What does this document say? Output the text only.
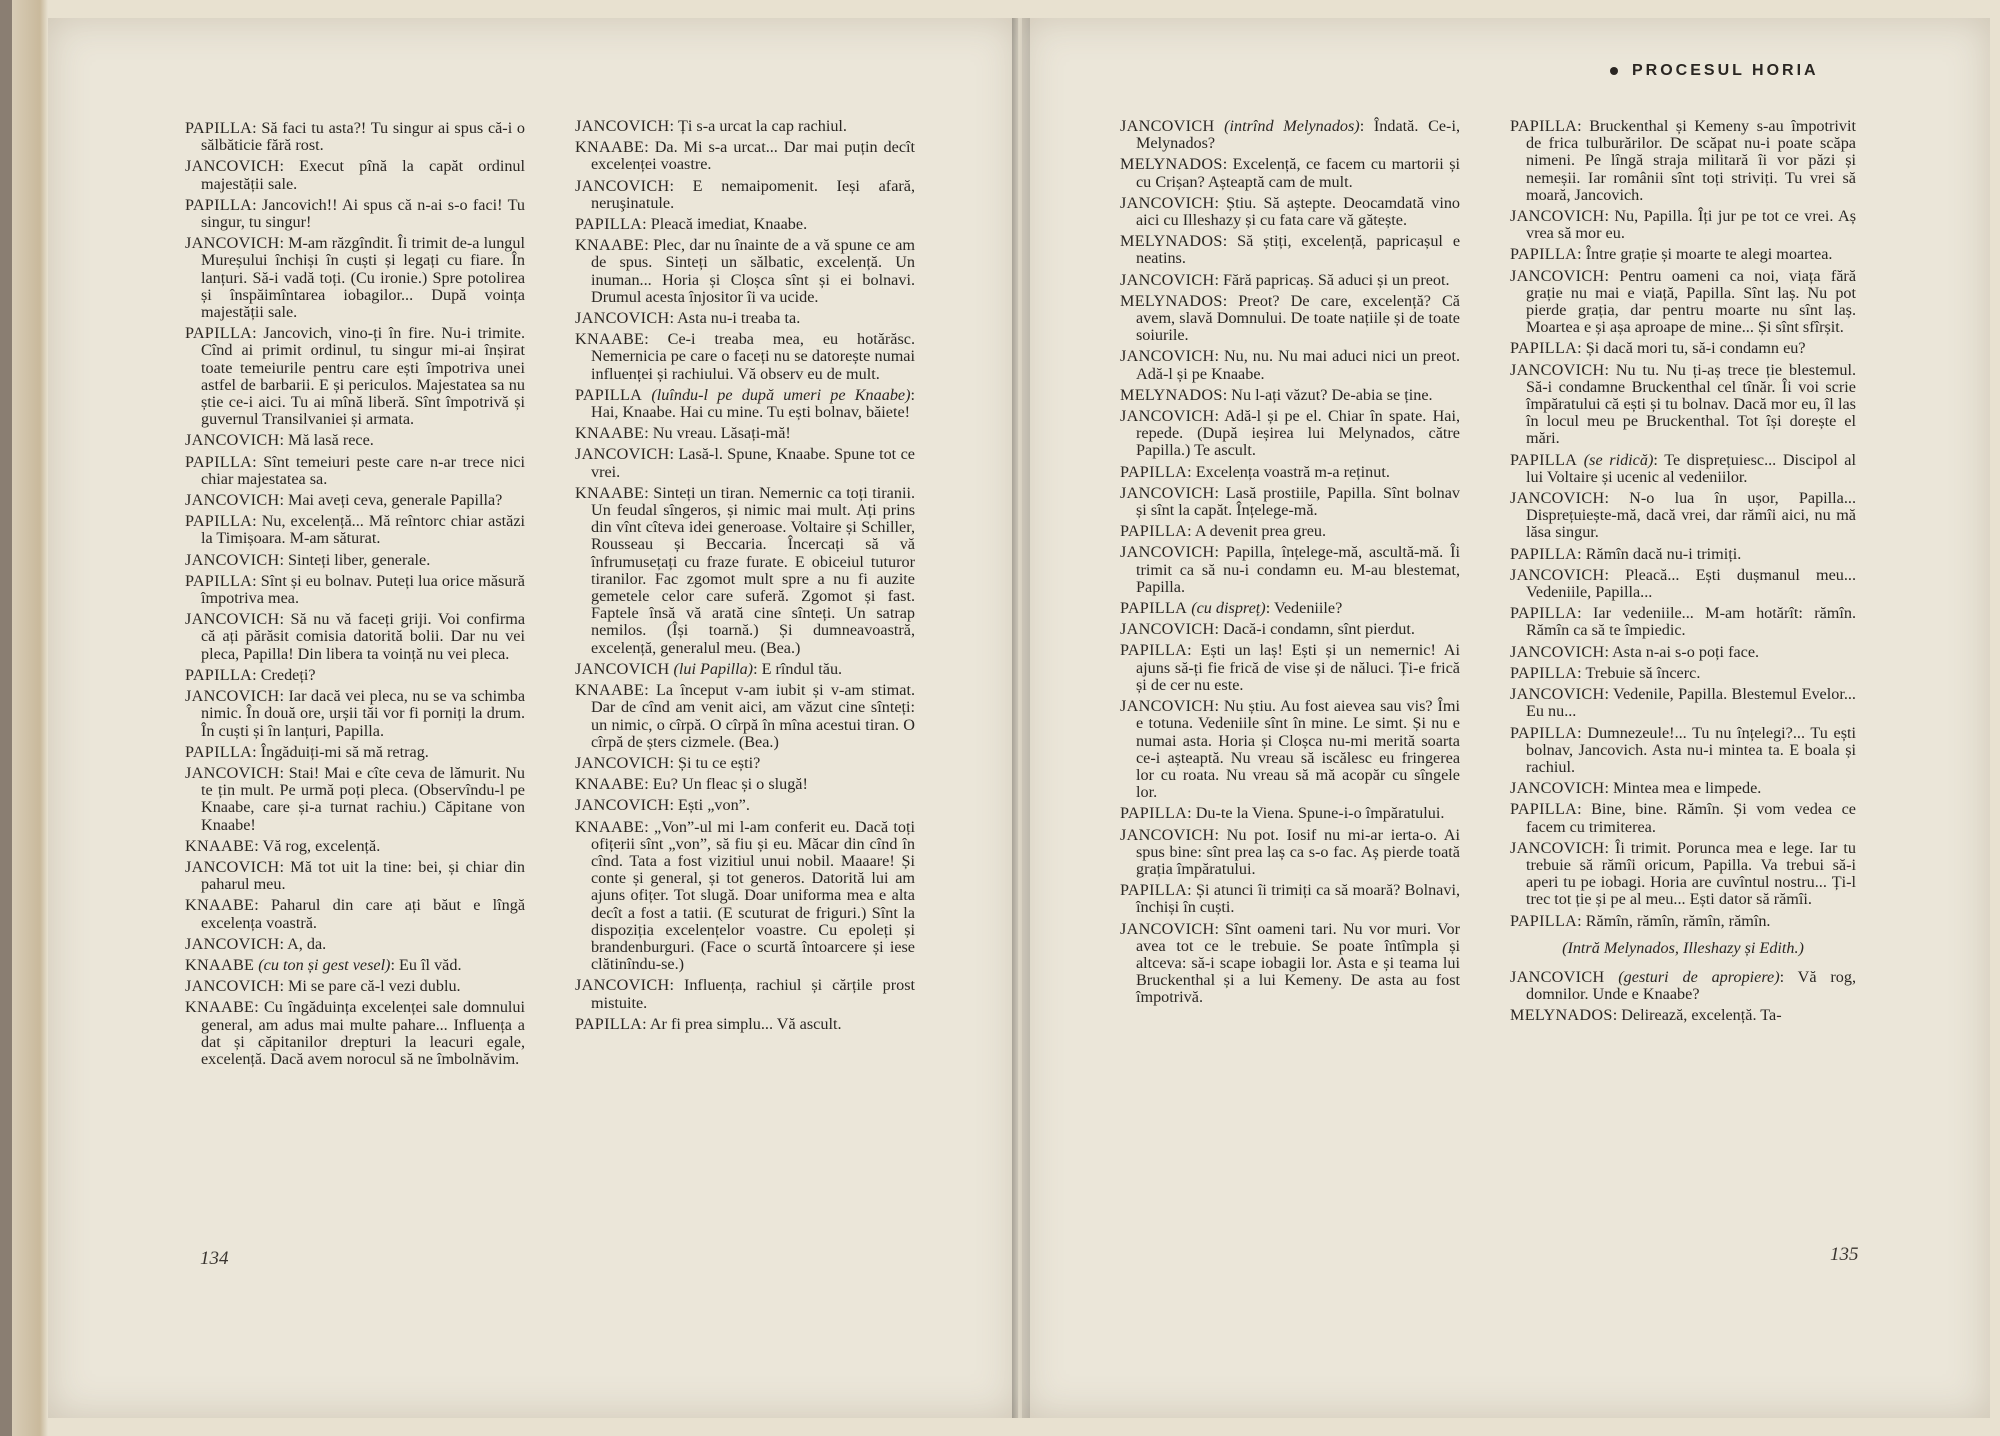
PROCESUL HORIA

PAPILLA: Să faci tu asta?! Tu singur ai spus că-i o sălbăticie fără rost.

JANCOVICH: Execut pînă la capăt ordinul majestății sale.

PAPILLA: Jancovich!! Ai spus că n-ai s-o faci! Tu singur, tu singur!

JANCOVICH: M-am răzgîndit. Îi trimit de-a lungul Mureșului închiși în cuști și legați cu fiare. În lanțuri. Să-i vadă toți. (Cu ironie.) Spre potolirea și înspăimîntarea iobagilor... După voința majestății sale.

PAPILLA: Jancovich, vino-ți în fire. Nu-i trimite. Cînd ai primit ordinul, tu singur mi-ai înșirat toate temeiurile pentru care ești împotriva unei astfel de barbarii. E și periculos. Majestatea sa nu știe ce-i aici. Tu ai mînă liberă. Sînt împotrivă și guvernul Transilvaniei și armata.

JANCOVICH: Mă lasă rece.

PAPILLA: Sînt temeiuri peste care n-ar trece nici chiar majestatea sa.

JANCOVICH: Mai aveți ceva, generale Papilla?

PAPILLA: Nu, excelență... Mă reîntorc chiar astăzi la Timișoara. M-am săturat.

JANCOVICH: Sinteți liber, generale.

PAPILLA: Sînt și eu bolnav. Puteți lua orice măsură împotriva mea.

JANCOVICH: Să nu vă faceți griji. Voi confirma că ați părăsit comisia datorită bolii. Dar nu vei pleca, Papilla! Din libera ta voință nu vei pleca.

PAPILLA: Credeți?

JANCOVICH: Iar dacă vei pleca, nu se va schimba nimic. În două ore, urșii tăi vor fi porniți la drum. În cuști și în lanțuri, Papilla.

PAPILLA: Îngăduiți-mi să mă retrag.

JANCOVICH: Stai! Mai e cîte ceva de lămurit. Nu te țin mult. Pe urmă poți pleca. (Observîndu-l pe Knaabe, care și-a turnat rachiu.) Căpitane von Knaabe!

KNAABE: Vă rog, excelență.

JANCOVICH: Mă tot uit la tine: bei, și chiar din paharul meu.

KNAABE: Paharul din care ați băut e lîngă excelența voastră.

JANCOVICH: A, da.

KNAABE (cu ton și gest vesel): Eu îl văd.

JANCOVICH: Mi se pare că-l vezi dublu.

KNAABE: Cu îngăduința excelenței sale domnului general, am adus mai multe pahare... Influența a dat și căpitanilor drepturi la leacuri egale, excelență. Dacă avem norocul să ne îmbolnăvim.

JANCOVICH: Ți s-a urcat la cap rachiul.

KNAABE: Da. Mi s-a urcat... Dar mai puțin decît excelenței voastre.

JANCOVICH: E nemaipomenit. Ieși afară, neruşinatule.

PAPILLA: Pleacă imediat, Knaabe.

KNAABE: Plec, dar nu înainte de a vă spune ce am de spus. Sinteți un sălbatic, excelență. Un inuman... Horia și Cloșca sînt și ei bolnavi. Drumul acesta înjositor îi va ucide.

JANCOVICH: Asta nu-i treaba ta.

KNAABE: Ce-i treaba mea, eu hotărăsc. Nemernicia pe care o faceți nu se datorește numai influenței și rachiului. Vă observ eu de mult.

PAPILLA (luîndu-l pe după umeri pe Knaabe): Hai, Knaabe. Hai cu mine. Tu ești bolnav, băiete!

KNAABE: Nu vreau. Lăsați-mă!

JANCOVICH: Lasă-l. Spune, Knaabe. Spune tot ce vrei.

KNAABE: Sinteți un tiran. Nemernic ca toți tiranii. Un feudal sîngeros, și nimic mai mult. Ați prins din vînt cîteva idei generoase. Voltaire și Schiller, Rousseau și Beccaria. Încercați să vă înfrumusețați cu fraze furate. E obiceiul tuturor tiranilor. Fac zgomot mult spre a nu fi auzite gemetele celor care suferă. Zgomot și fast. Faptele însă vă arată cine sînteți. Un satrap nemilos. (Își toarnă.) Și dumneavoastră, excelență, generalul meu. (Bea.)

JANCOVICH (lui Papilla): E rîndul tău.

KNAABE: La început v-am iubit și v-am stimat. Dar de cînd am venit aici, am văzut cine sînteți: un nimic, o cîrpă. O cîrpă în mîna acestui tiran. O cîrpă de șters cizmele. (Bea.)

JANCOVICH: Și tu ce ești?

KNAABE: Eu? Un fleac și o slugă!

JANCOVICH: Ești „von”.

KNAABE: „Von”-ul mi l-am conferit eu. Dacă toți ofițerii sînt „von”, să fiu și eu. Măcar din cînd în cînd. Tata a fost vizitiul unui nobil. Maaare! Și conte și general, și tot generos. Datorită lui am ajuns ofițer. Tot slugă. Doar uniforma mea e alta decît a fost a tatii. (E scuturat de friguri.) Sînt la dispoziția excelențelor voastre. Cu epoleți și brandenburguri. (Face o scurtă întoarcere și iese clătinîndu-se.)

JANCOVICH: Influența, rachiul și cărțile prost mistuite.

PAPILLA: Ar fi prea simplu... Vă ascult.

JANCOVICH (intrînd Melynados): Îndată. Ce-i, Melynados?

MELYNADOS: Excelență, ce facem cu martorii și cu Crișan? Așteaptă cam de mult.

JANCOVICH: Știu. Să aștepte. Deocamdată vino aici cu Illeshazy și cu fata care vă gătește.

MELYNADOS: Să știți, excelență, papricașul e neatins.

JANCOVICH: Fără papricaș. Să aduci și un preot.

MELYNADOS: Preot? De care, excelență? Că avem, slavă Domnului. De toate națiile și de toate soiurile.

JANCOVICH: Nu, nu. Nu mai aduci nici un preot. Adă-l și pe Knaabe.

MELYNADOS: Nu l-ați văzut? De-abia se ține.

JANCOVICH: Adă-l și pe el. Chiar în spate. Hai, repede. (După ieșirea lui Melynados, către Papilla.) Te ascult.

PAPILLA: Excelența voastră m-a reținut.

JANCOVICH: Lasă prostiile, Papilla. Sînt bolnav și sînt la capăt. Înțelege-mă.

PAPILLA: A devenit prea greu.

JANCOVICH: Papilla, înțelege-mă, ascultă-mă. Îi trimit ca să nu-i condamn eu. M-au blestemat, Papilla.

PAPILLA (cu dispreț): Vedeniile?

JANCOVICH: Dacă-i condamn, sînt pierdut.

PAPILLA: Ești un laș! Ești și un nemernic! Ai ajuns să-ți fie frică de vise și de năluci. Ți-e frică și de cer nu este.

JANCOVICH: Nu știu. Au fost aievea sau vis? Îmi e totuna. Vedeniile sînt în mine. Le simt. Și nu e numai asta. Horia și Cloșca nu-mi merită soarta ce-i așteaptă. Nu vreau să iscălesc eu fringerea lor cu roata. Nu vreau să mă acopăr cu sîngele lor.

PAPILLA: Du-te la Viena. Spune-i-o împăratului.

JANCOVICH: Nu pot. Iosif nu mi-ar ierta-o. Ai spus bine: sînt prea laș ca s-o fac. Aș pierde toată grația împăratului.

PAPILLA: Și atunci îi trimiți ca să moară? Bolnavi, închiși în cuști.

JANCOVICH: Sînt oameni tari. Nu vor muri. Vor avea tot ce le trebuie. Se poate întîmpla și altceva: să-i scape iobagii lor. Asta e și teama lui Bruckenthal și a lui Kemeny. De asta au fost împotrivă.

PAPILLA: Bruckenthal și Kemeny s-au împotrivit de frica tulburărilor. De scăpat nu-i poate scăpa nimeni. Pe lîngă straja militară îi vor păzi și nemeșii. Iar românii sînt toți striviți. Tu vrei să moară, Jancovich.

JANCOVICH: Nu, Papilla. Îți jur pe tot ce vrei. Aș vrea să mor eu.

PAPILLA: Între grație și moarte te alegi moartea.

JANCOVICH: Pentru oameni ca noi, viața fără grație nu mai e viață, Papilla. Sînt laș. Nu pot pierde grația, dar pentru moarte nu sînt laș. Moartea e și așa aproape de mine... Și sînt sfîrșit.

PAPILLA: Și dacă mori tu, să-i condamn eu?

JANCOVICH: Nu tu. Nu ți-aș trece ție blestemul. Să-i condamne Bruckenthal cel tînăr. Îi voi scrie împăratului că ești și tu bolnav. Dacă mor eu, îl las în locul meu pe Bruckenthal. Tot își dorește el mări.

PAPILLA (se ridică): Te disprețuiesc... Discipol al lui Voltaire și ucenic al vedeniilor.

JANCOVICH: N-o lua în ușor, Papilla... Disprețuiește-mă, dacă vrei, dar rămîi aici, nu mă lăsa singur.

PAPILLA: Rămîn dacă nu-i trimiți.

JANCOVICH: Pleacă... Ești dușmanul meu... Vedeniile, Papilla...

PAPILLA: Iar vedeniile... M-am hotărît: rămîn. Rămîn ca să te împiedic.

JANCOVICH: Asta n-ai s-o poți face.

PAPILLA: Trebuie să încerc.

JANCOVICH: Vedenile, Papilla. Blestemul Evelor... Eu nu...

PAPILLA: Dumnezeule!... Tu nu înțelegi?... Tu ești bolnav, Jancovich. Asta nu-i mintea ta. E boala și rachiul.

JANCOVICH: Mintea mea e limpede.

PAPILLA: Bine, bine. Rămîn. Și vom vedea ce facem cu trimiterea.

JANCOVICH: Îi trimit. Porunca mea e lege. Iar tu trebuie să rămîi oricum, Papilla. Va trebui să-i aperi tu pe iobagi. Horia are cuvîntul nostru... Ți-l trec tot ție și pe al meu... Ești dator să rămîi.

PAPILLA: Rămîn, rămîn, rămîn, rămîn.

(Intră Melynados, Illeshazy și Edith.)

JANCOVICH (gesturi de apropiere): Vă rog, domnilor. Unde e Knaabe?

MELYNADOS: Delirează, excelență. Ta-

134	135
